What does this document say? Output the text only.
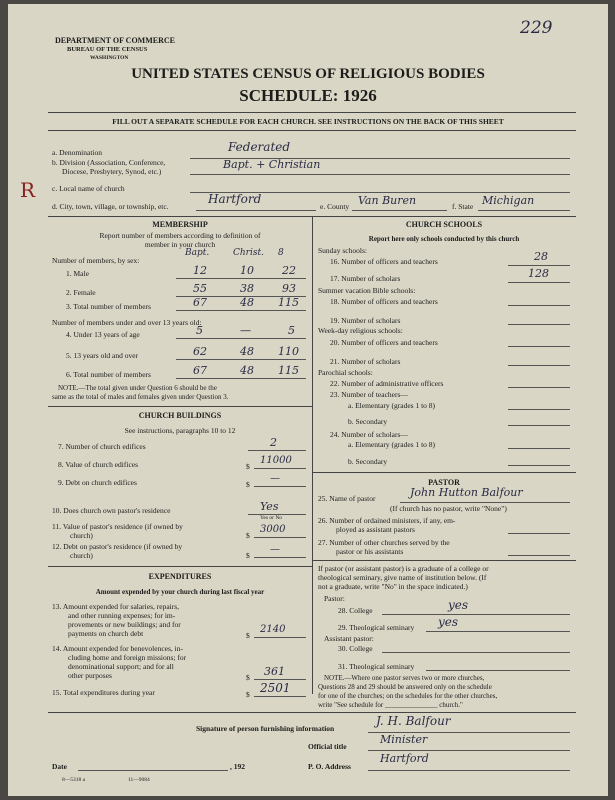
229
DEPARTMENT OF COMMERCE
BUREAU OF THE CENSUS
WASHINGTON
UNITED STATES CENSUS OF RELIGIOUS BODIES
SCHEDULE: 1926
FILL OUT A SEPARATE SCHEDULE FOR EACH CHURCH. SEE INSTRUCTIONS ON THE BACK OF THIS SHEET
a. Denomination	Federated
b. Division (Association, Conference,
Diocese, Presbytery, Synod, etc.)
Bapt. + Christian
R c. Local name of church
d. City, town, village, or township, etc.
Hartford
e. County Van Buren	f. State Michigan
MEMBERSHIP
Report number of members according to definition of
member in your church
Bapt.	Christ. 8
Number of members, by sex:
1. Male	12	10	22
2. Female	55	38	93
3. Total number of members	67	48 115
Number of members under and over 13 years old:
4. Under 13 years of age	5	—	5
5. 13 years old and over	62	48 110
6. Total number of members	67	48 115
NOTE.—The total given under Question 6 should be the
same as the total of males and females given under Question 3.
CHURCH BUILDINGS
See instructions, paragraphs 10 to 12
7. Number of church edifices	2
8. Value of church edifices	$
11000
9. Debt on church edifices	$
—
10. Does church own pastor's residence	Yes
Yes or No
11. Value of pastor's residence (if owned by
church)	$
3000
12. Debt on pastor's residence (if owned by
church)	$
—
EXPENDITURES
Amount expended by your church during last fiscal year
13. Amount expended for salaries, repairs,
and other running expenses; for im-
provements or new buildings; and for
payments on church debt	$
2140
14. Amount expended for benevolences, in-
cluding home and foreign missions; for
denominational support; and for all
other purposes	$ 361
15. Total expenditures during year	$ 2501
CHURCH SCHOOLS
Report here only schools conducted by this church
Sunday schools:
16. Number of officers and teachers	28
17. Number of scholars	128
Summer vacation Bible schools:
18. Number of officers and teachers
19. Number of scholars
Week-day religious schools:
20. Number of officers and teachers
21. Number of scholars
Parochial schools:
22. Number of administrative officers
23. Number of teachers—
a. Elementary (grades 1 to 8)
b. Secondary
24. Number of scholars—
a. Elementary (grades 1 to 8)
b. Secondary
PASTOR
25. Name of pastor	John Hutton Balfour
(If church has no pastor, write "None")
26. Number of ordained ministers, if any, em-
ployed as assistant pastors
27. Number of other churches served by the
pastor or his assistants
If pastor (or assistant pastor) is a graduate of a college or
theological seminary, give name of institution below. (If
not a graduate, write "No" in the space indicated.)
Pastor:
28. College	yes
29. Theological seminary yes
Assistant pastor:
30. College
31. Theological seminary
NOTE.—Where one pastor serves two or more churches,
Questions 28 and 29 should be answered only on the schedule
for one of the churches; on the schedules for the other churches,
write "See schedule for _______________ church."
Signature of person furnishing information
J. H. Balfour
Official title
Minister
Date	, 192	P. O. Address
Hartford
8—5318 a	11—9084
